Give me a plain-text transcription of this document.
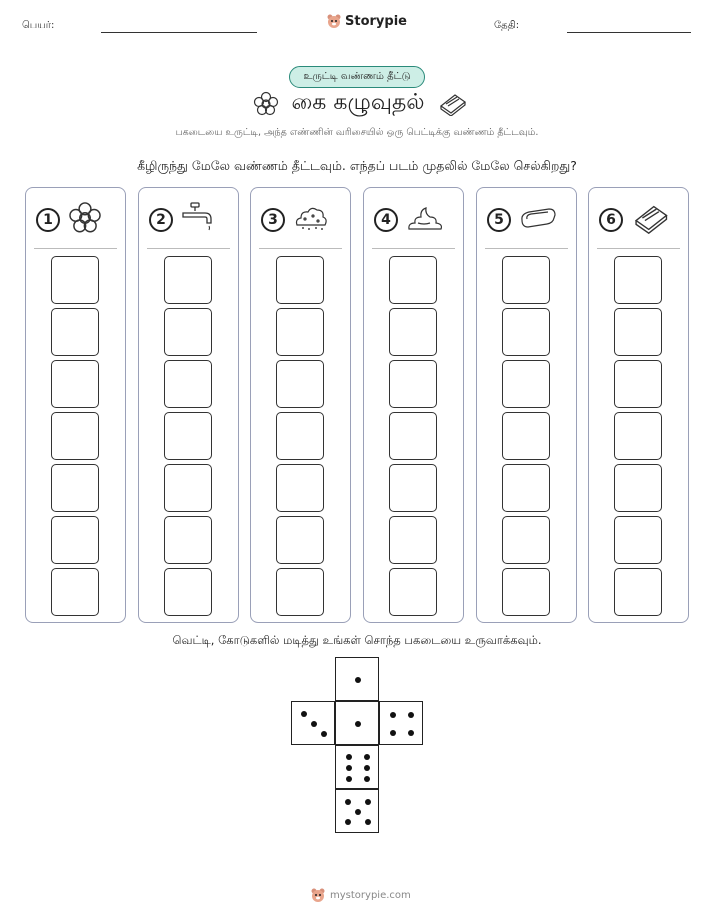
பெயர்:	Storypie	தேதி:
உருட்டி வண்ணம் தீட்டு
கை கழுவுதல்
பகடையை உருட்டி, அந்த எண்ணின் வரிசையில் ஒரு பெட்டிக்கு வண்ணம் தீட்டவும்.
கீழிருந்து மேலே வண்ணம் தீட்டவும். எந்தப் படம் முதலில் மேலே செல்கிறது?
1	2	3	4	5	6
வெட்டி, கோடுகளில் மடித்து உங்கள் சொந்த பகடையை உருவாக்கவும்.
mystorypie.com
